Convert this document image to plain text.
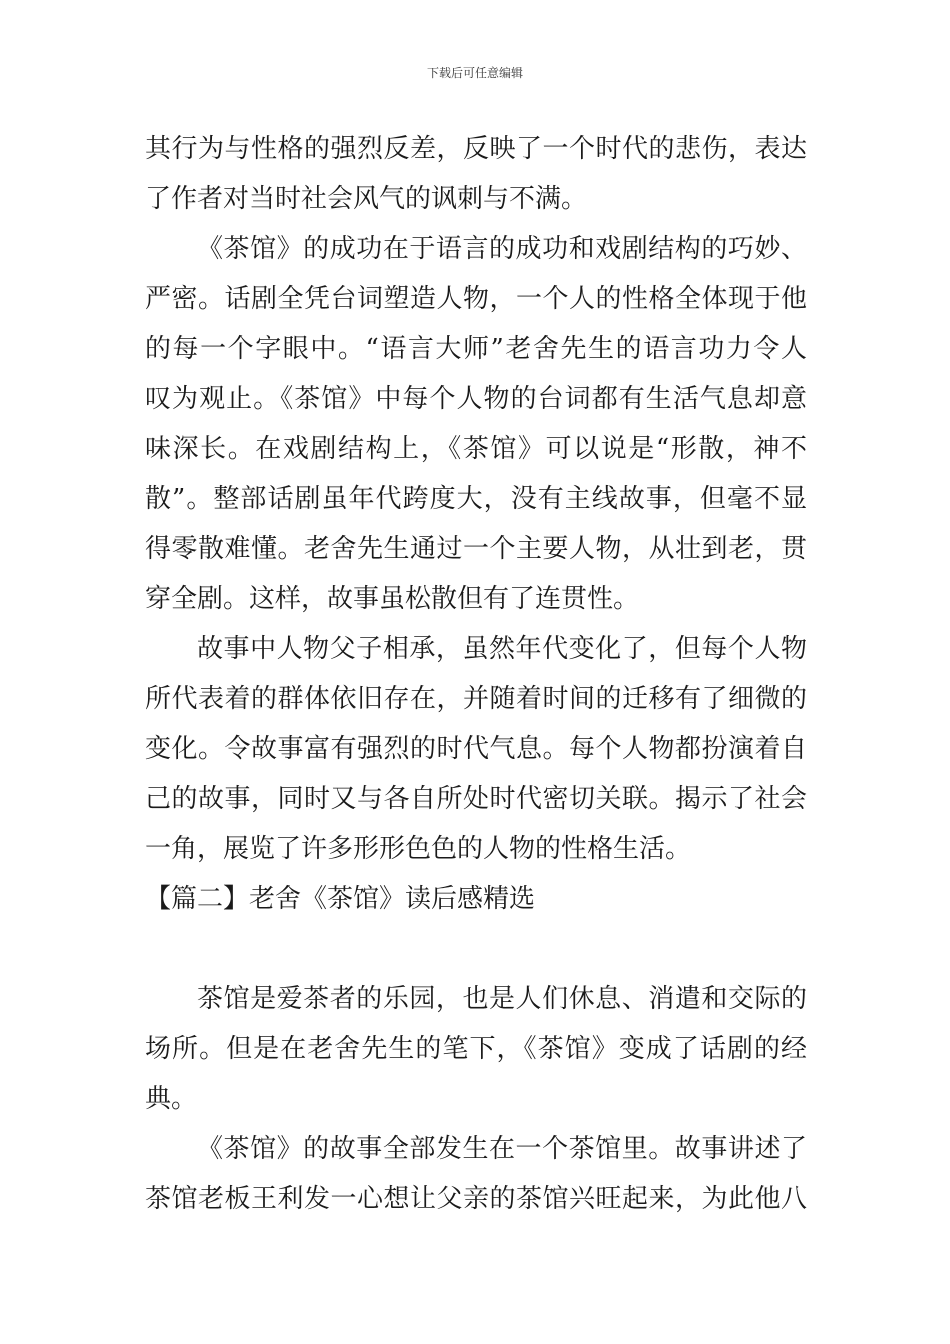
下载后可任意编辑
其行为与性格的强烈反差，反映了一个时代的悲伤，表达
了作者对当时社会风气的讽刺与不满。
《茶馆》的成功在于语言的成功和戏剧结构的巧妙、
严密。话剧全凭台词塑造人物，一个人的性格全体现于他
的每一个字眼中。“语言大师”老舍先生的语言功力令人
叹为观止。《茶馆》中每个人物的台词都有生活气息却意
味深长。在戏剧结构上，《茶馆》可以说是“形散，神不
散”。整部话剧虽年代跨度大，没有主线故事，但毫不显
得零散难懂。老舍先生通过一个主要人物，从壮到老，贯
穿全剧。这样，故事虽松散但有了连贯性。
故事中人物父子相承，虽然年代变化了，但每个人物
所代表着的群体依旧存在，并随着时间的迁移有了细微的
变化。令故事富有强烈的时代气息。每个人物都扮演着自
己的故事，同时又与各自所处时代密切关联。揭示了社会
一角，展览了许多形形色色的人物的性格生活。
【篇二】老舍《茶馆》读后感精选
茶馆是爱茶者的乐园，也是人们休息、消遣和交际的
场所。但是在老舍先生的笔下，《茶馆》变成了话剧的经
典。
《茶馆》的故事全部发生在一个茶馆里。故事讲述了
茶馆老板王利发一心想让父亲的茶馆兴旺起来，为此他八
